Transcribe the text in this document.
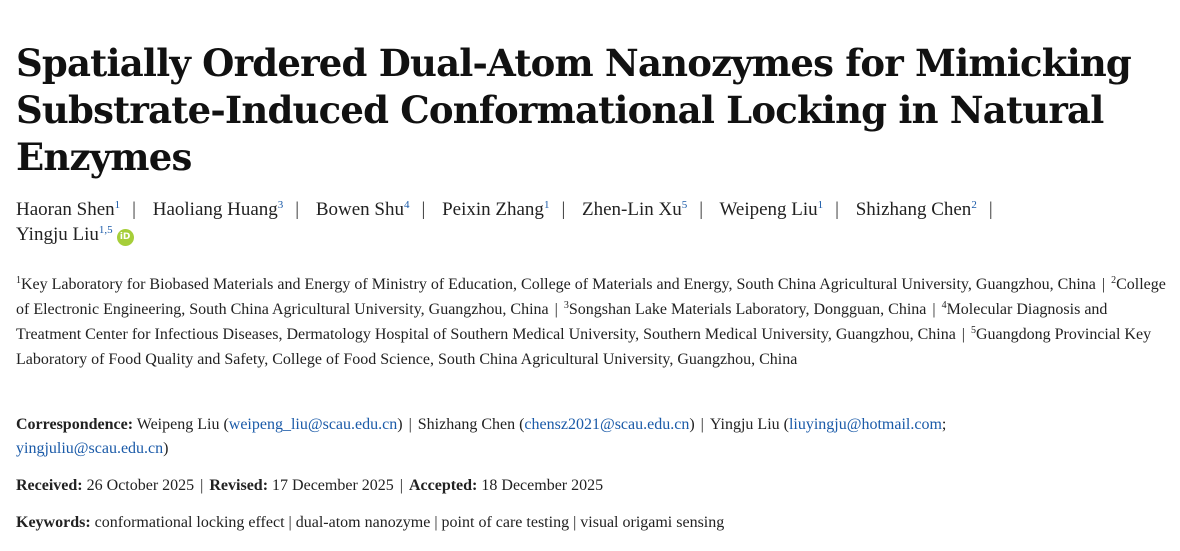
Spatially Ordered Dual-Atom Nanozymes for Mimicking Substrate-Induced Conformational Locking in Natural Enzymes
Haoran Shen$^1$ | Haoliang Huang$^3$ | Bowen Shu$^4$ | Peixin Zhang$^1$ | Zhen-Lin Xu$^5$ | Weipeng Liu$^1$ | Shizhang Chen$^2$ |
Yingju Liu$^{1,5}$iD
$^1$Key Laboratory for Biobased Materials and Energy of Ministry of Education, College of Materials and Energy, South China Agricultural University, Guangzhou, China | $^2$College of Electronic Engineering, South China Agricultural University, Guangzhou, China | $^3$Songshan Lake Materials Laboratory, Dongguan, China | $^4$Molecular Diagnosis and Treatment Center for Infectious Diseases, Dermatology Hospital of Southern Medical University, Southern Medical University, Guangzhou, China | $^5$Guangdong Provincial Key Laboratory of Food Quality and Safety, College of Food Science, South China Agricultural University, Guangzhou, China
Correspondence: Weipeng Liu (weipeng_liu@scau.edu.cn) | Shizhang Chen (chensz2021@scau.edu.cn) | Yingju Liu (liuyingju@hotmail.com;
yingjuliu@scau.edu.cn)
Received: 26 October 2025 | Revised: 17 December 2025 | Accepted: 18 December 2025
Keywords: conformational locking effect | dual-atom nanozyme | point of care testing | visual origami sensing
